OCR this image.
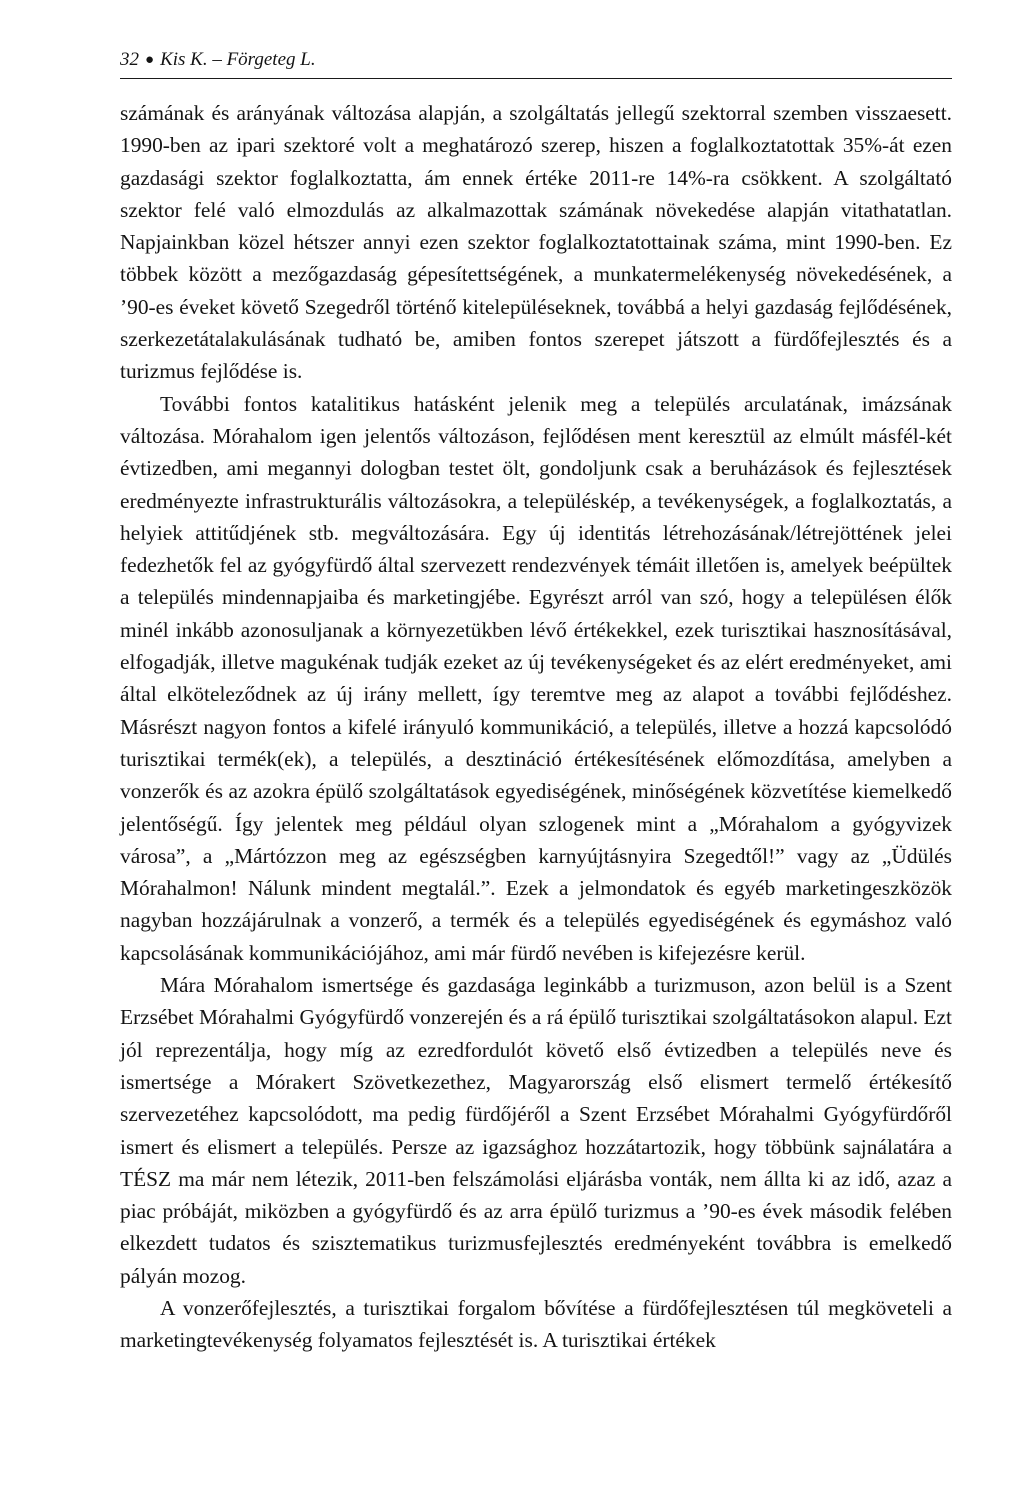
32 ● Kis K. – Förgeteg L.

számának és arányának változása alapján, a szolgáltatás jellegű szektorral szemben visszaesett. 1990-ben az ipari szektoré volt a meghatározó szerep, hiszen a foglalkoztatottak 35%-át ezen gazdasági szektor foglalkoztatta, ám ennek értéke 2011-re 14%-ra csökkent. A szolgáltató szektor felé való elmozdulás az alkalmazottak számának növekedése alapján vitathatatlan. Napjainkban közel hétszer annyi ezen szektor foglalkoztatottainak száma, mint 1990-ben. Ez többek között a mezőgazdaság gépesítettségének, a munkatermelékenység növekedésének, a ’90-es éveket követő Szegedről történő kitelepüléseknek, továbbá a helyi gazdaság fejlődésének, szerkezetátalakulásának tudható be, amiben fontos szerepet játszott a fürdőfejlesztés és a turizmus fejlődése is.

További fontos katalitikus hatásként jelenik meg a település arculatának, imázsának változása. Mórahalom igen jelentős változáson, fejlődésen ment keresztül az elmúlt másfél-két évtizedben, ami megannyi dologban testet ölt, gondoljunk csak a beruházások és fejlesztések eredményezte infrastrukturális változásokra, a településkép, a tevékenységek, a foglalkoztatás, a helyiek attitűdjének stb. megváltozására. Egy új identitás létrehozásának/létrejöttének jelei fedezhetők fel az gyógyfürdő által szervezett rendezvények témáit illetően is, amelyek beépültek a település mindennapjaiba és marketingjébe. Egyrészt arról van szó, hogy a településen élők minél inkább azonosuljanak a környezetükben lévő értékekkel, ezek turisztikai hasznosításával, elfogadják, illetve magukénak tudják ezeket az új tevékenységeket és az elért eredményeket, ami által elköteleződnek az új irány mellett, így teremtve meg az alapot a további fejlődéshez. Másrészt nagyon fontos a kifelé irányuló kommunikáció, a település, illetve a hozzá kapcsolódó turisztikai termék(ek), a település, a desztináció értékesítésének előmozdítása, amelyben a vonzerők és az azokra épülő szolgáltatások egyediségének, minőségének közvetítése kiemelkedő jelentőségű. Így jelentek meg például olyan szlogenek mint a „Mórahalom a gyógyvizek városa”, a „Mártózzon meg az egészségben karnyújtásnyira Szegedtől!” vagy az „Üdülés Mórahalmon! Nálunk mindent megtalál.”. Ezek a jelmondatok és egyéb marketingeszközök nagyban hozzájárulnak a vonzerő, a termék és a település egyediségének és egymáshoz való kapcsolásának kommunikációjához, ami már fürdő nevében is kifejezésre kerül.

Mára Mórahalom ismertsége és gazdasága leginkább a turizmuson, azon belül is a Szent Erzsébet Mórahalmi Gyógyfürdő vonzerején és a rá épülő turisztikai szolgáltatásokon alapul. Ezt jól reprezentálja, hogy míg az ezredfordulót követő első évtizedben a település neve és ismertsége a Mórakert Szövetkezethez, Magyarország első elismert termelő értékesítő szervezetéhez kapcsolódott, ma pedig fürdőjéről a Szent Erzsébet Mórahalmi Gyógyfürdőről ismert és elismert a település. Persze az igazsághoz hozzátartozik, hogy többünk sajnálatára a TÉSZ ma már nem létezik, 2011-ben felszámolási eljárásba vonták, nem állta ki az idő, azaz a piac próbáját, miközben a gyógyfürdő és az arra épülő turizmus a ’90-es évek második felében elkezdett tudatos és szisztematikus turizmusfejlesztés eredményeként továbbra is emelkedő pályán mozog.

A vonzerőfejlesztés, a turisztikai forgalom bővítése a fürdőfejlesztésen túl megköveteli a marketingtevékenység folyamatos fejlesztését is. A turisztikai értékek
